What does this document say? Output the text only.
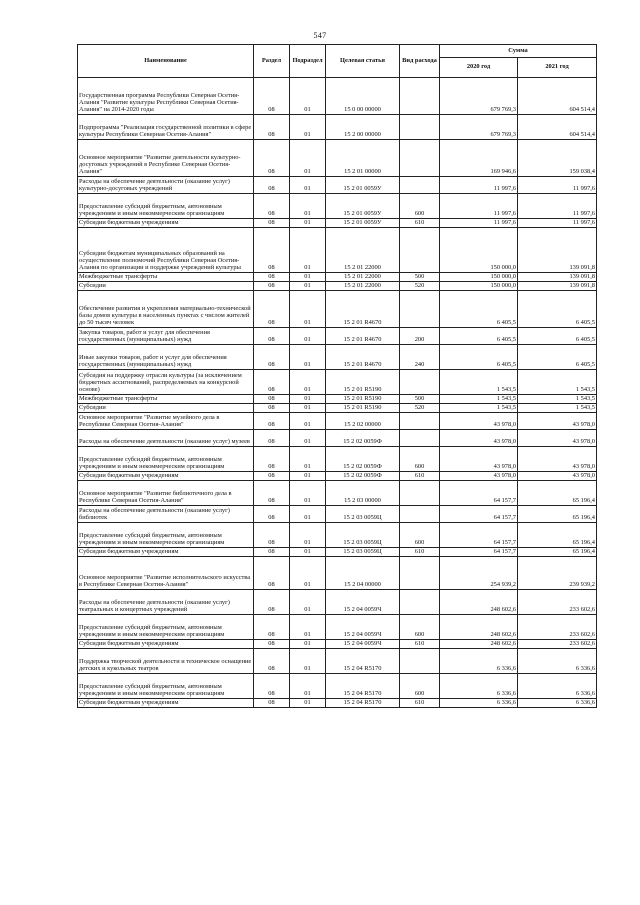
547
Наименование	Раздел	Подраздел	Целевая статья	Вид расхода	Сумма	
					2020 год	2021 год
Государственная программа Республики Северная Осетия-Алания "Развитие культуры Республики Северная Осетия-Алания" на 2014-2020 годы	08	01	15 0 00 00000		679 769,3	604 514,4
Подпрограмма "Реализация государственной политики в сфере культуры Республики Северная Осетия-Алания"	08	01	15 2 00 00000		679 769,3	604 514,4
Основное мероприятие "Развитие деятельности культурно-досуговых учреждений в Республике Северная Осетия-Алания"	08	01	15 2 01 00000		169 946,6	159 038,4
Расходы на обеспечение деятельности (оказание услуг) культурно-досуговых учреждений	08	01	15 2 01 0059У		11 997,6	11 997,6
Предоставление субсидий бюджетным, автономным учреждениям и иным некоммерческим организациям	08	01	15 2 01 0059У	600	11 997,6	11 997,6
Субсидии бюджетным учреждениям	08	01	15 2 01 0059У	610	11 997,6	11 997,6
Субсидии бюджетам муниципальных образований на осуществление полномочий Республики Северная Осетия-Алания по организации и поддержке учреждений культуры	08	01	15 2 01 22000		150 000,0	139 091,8
Межбюджетные трансферты	08	01	15 2 01 22000	500	150 000,0	139 091,8
Субсидии	08	01	15 2 01 22000	520	150 000,0	139 091,8
Обеспечение развития и укрепления материально-технической базы домов культуры в населенных пунктах с числом жителей до 50 тысяч человек	08	01	15 2 01 R4670		6 405,5	6 405,5
Закупка товаров, работ и услуг для обеспечения государственных (муниципальных) нужд	08	01	15 2 01 R4670	200	6 405,5	6 405,5
Иные закупки товаров, работ и услуг для обеспечения государственных (муниципальных) нужд	08	01	15 2 01 R4670	240	6 405,5	6 405,5
Субсидия на поддержку отрасли культуры (за исключением бюджетных ассигнований, распределяемых на конкурсной основе)	08	01	15 2 01 R5190		1 543,5	1 543,5
Межбюджетные трансферты	08	01	15 2 01 R5190	500	1 543,5	1 543,5
Субсидии	08	01	15 2 01 R5190	520	1 543,5	1 543,5
Основное мероприятие "Развитие музейного дела в Республике Северная Осетия-Алания"	08	01	15 2 02 00000		43 978,0	43 978,0
Расходы на обеспечение деятельности (оказание услуг) музеев	08	01	15 2 02 0059Ф		43 978,0	43 978,0
Предоставление субсидий бюджетным, автономным учреждениям и иным некоммерческим организациям	08	01	15 2 02 0059Ф	600	43 978,0	43 978,0
Субсидии бюджетным учреждениям	08	01	15 2 02 0059Ф	610	43 978,0	43 978,0
Основное мероприятие "Развитие библиотечного дела в Республике Северная Осетия-Алания"	08	01	15 2 03 00000		64 157,7	65 196,4
Расходы на обеспечение деятельности (оказание услуг) библиотек	08	01	15 2 03 0059Ц		64 157,7	65 196,4
Предоставление субсидий бюджетным, автономным учреждениям и иным некоммерческим организациям	08	01	15 2 03 0059Ц	600	64 157,7	65 196,4
Субсидии бюджетным учреждениям	08	01	15 2 03 0059Ц	610	64 157,7	65 196,4
Основное мероприятие "Развитие исполнительского искусства в Республике Северная Осетия-Алания"	08	01	15 2 04 00000		254 939,2	239 939,2
Расходы на обеспечение деятельности (оказание услуг) театральных и концертных учреждений	08	01	15 2 04 0059Ч		248 602,6	233 602,6
Предоставление субсидий бюджетным, автономным учреждениям и иным некоммерческим организациям	08	01	15 2 04 0059Ч	600	248 602,6	233 602,6
Субсидии бюджетным учреждениям	08	01	15 2 04 0059Ч	610	248 602,6	233 602,6
Поддержка творческой деятельности и техническое оснащение детских и кукольных театров	08	01	15 2 04 R5170		6 336,6	6 336,6
Предоставление субсидий бюджетным, автономным учреждениям и иным некоммерческим организациям	08	01	15 2 04 R5170	600	6 336,6	6 336,6
Субсидии бюджетным учреждениям	08	01	15 2 04 R5170	610	6 336,6	6 336,6
